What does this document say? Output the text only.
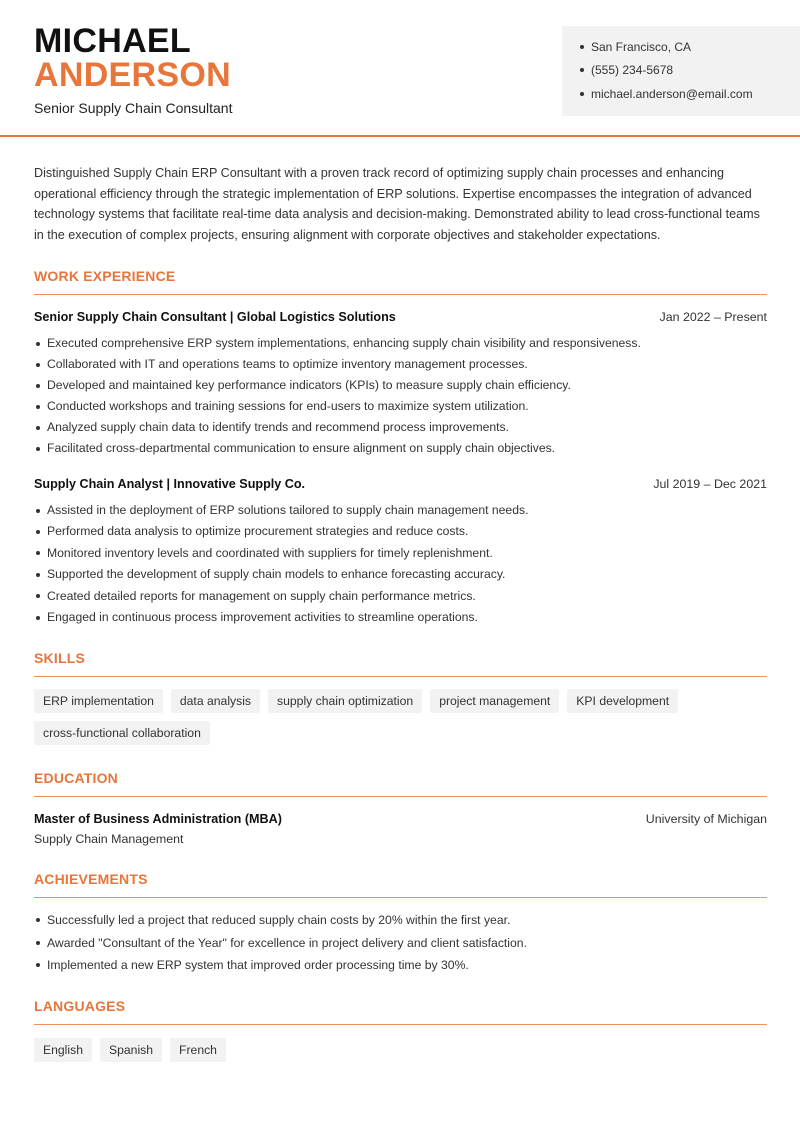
MICHAEL
ANDERSON
Senior Supply Chain Consultant
San Francisco, CA
(555) 234-5678
michael.anderson@email.com

Distinguished Supply Chain ERP Consultant with a proven track record of optimizing supply chain processes and enhancing operational efficiency through the strategic implementation of ERP solutions. Expertise encompasses the integration of advanced technology systems that facilitate real-time data analysis and decision-making. Demonstrated ability to lead cross-functional teams in the execution of complex projects, ensuring alignment with corporate objectives and stakeholder expectations.

WORK EXPERIENCE
Senior Supply Chain Consultant | Global Logistics Solutions	Jan 2022 – Present
Executed comprehensive ERP system implementations, enhancing supply chain visibility and responsiveness.
Collaborated with IT and operations teams to optimize inventory management processes.
Developed and maintained key performance indicators (KPIs) to measure supply chain efficiency.
Conducted workshops and training sessions for end-users to maximize system utilization.
Analyzed supply chain data to identify trends and recommend process improvements.
Facilitated cross-departmental communication to ensure alignment on supply chain objectives.
Supply Chain Analyst | Innovative Supply Co.	Jul 2019 – Dec 2021
Assisted in the deployment of ERP solutions tailored to supply chain management needs.
Performed data analysis to optimize procurement strategies and reduce costs.
Monitored inventory levels and coordinated with suppliers for timely replenishment.
Supported the development of supply chain models to enhance forecasting accuracy.
Created detailed reports for management on supply chain performance metrics.
Engaged in continuous process improvement activities to streamline operations.
SKILLS
ERP implementation	data analysis	supply chain optimization	project management	KPI development
cross-functional collaboration
EDUCATION
Master of Business Administration (MBA)	University of Michigan
Supply Chain Management
ACHIEVEMENTS
Successfully led a project that reduced supply chain costs by 20% within the first year.
Awarded "Consultant of the Year" for excellence in project delivery and client satisfaction.
Implemented a new ERP system that improved order processing time by 30%.
LANGUAGES
English	Spanish	French
